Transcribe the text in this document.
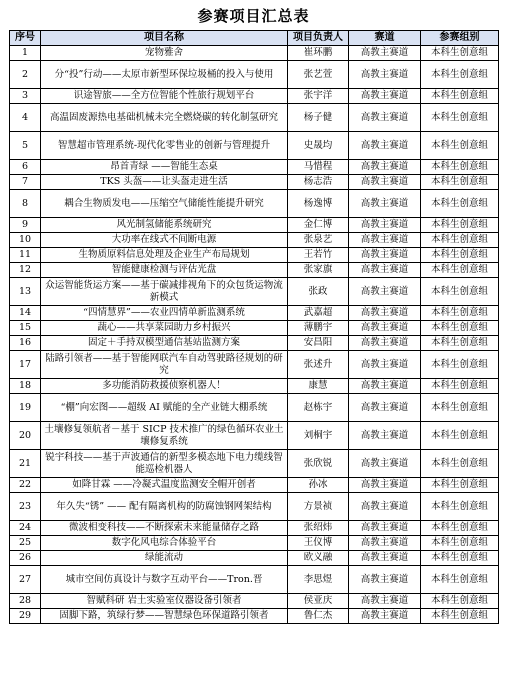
参赛项目汇总表
序号	项目名称	项目负责人	赛道	参赛组别
1	宠物雅舍	崔环鹏	高教主赛道	本科生创意组
2	分“投”行动——太原市新型环保垃圾桶的投入与使用	张艺萱	高教主赛道	本科生创意组
3	识途智旅——全方位智能个性旅行规划平台	张宇洋	高教主赛道	本科生创意组
4	高温固废源热电基础机械未完全燃烧碳的转化制氢研究	杨子健	高教主赛道	本科生创意组
5	智慧超市管理系统-现代化零售业的创新与管理提升	史晟均	高教主赛道	本科生创意组
6	昂首青绿 ——智能生态桌	马惜程	高教主赛道	本科生创意组
7	TKS 头盔——让头盔走进生活	杨志浩	高教主赛道	本科生创意组
8	耦合生物质发电——压缩空气储能性能提升研究	杨逸博	高教主赛道	本科生创意组
9	风光制氢储能系统研究	金仁博	高教主赛道	本科生创意组
10	大功率在线式不间断电源	张泉艺	高教主赛道	本科生创意组
11	生物质原料信息处理及企业生产布局规划	王若竹	高教主赛道	本科生创意组
12	智能健康检测与评估光盘	张家旗	高教主赛道	本科生创意组
13	众运智能货运方案——基于碳减排视角下的众包货运物流新模式	张政	高教主赛道	本科生创意组
14	“四情慧界”——农业四情单新监测系统	武嘉超	高教主赛道	本科生创意组
15	蔬心——共享菜园助力乡村振兴	薄鹏宇	高教主赛道	本科生创意组
16	固定＋手持双模型通信基站监测方案	安昌阳	高教主赛道	本科生创意组
17	陆路引领者——基于智能网联汽车自动驾驶路径规划的研究	张述升	高教主赛道	本科生创意组
18	多功能消防救援侦察机器人！	康慧	高教主赛道	本科生创意组
19	“棚”向宏图——超级 AI 赋能的全产业链大棚系统	赵栋宇	高教主赛道	本科生创意组
20	土壤修复领航者－基于 SICP 技术推广的绿色循环农业土壤修复系统	刘桐宇	高教主赛道	本科生创意组
21	锐宇科技——基于声波通信的新型多模态地下电力缆线智能巡检机器人	张欣锐	高教主赛道	本科生创意组
22	如降甘霖 ——冷凝式温度监测安全帽开创者	孙冰	高教主赛道	本科生创意组
23	年久失“锈” —— 配有隔离机构的防腐蚀钢网架结构	方景祯	高教主赛道	本科生创意组
24	微波相变科技——不断探索未来能量储存之路	张绍炜	高教主赛道	本科生创意组
25	数字化风电综合体验平台	王仪博	高教主赛道	本科生创意组
26	绿能流动	欧义融	高教主赛道	本科生创意组
27	城市空间仿真设计与数字互动平台——Tron.晋	李思煜	高教主赛道	本科生创意组
28	智赋科研 岩土实验室仪器设备引领者	侯亚庆	高教主赛道	本科生创意组
29	固脚下路，筑绿行梦——智慧绿色环保道路引领者	鲁仁杰	高教主赛道	本科生创意组
